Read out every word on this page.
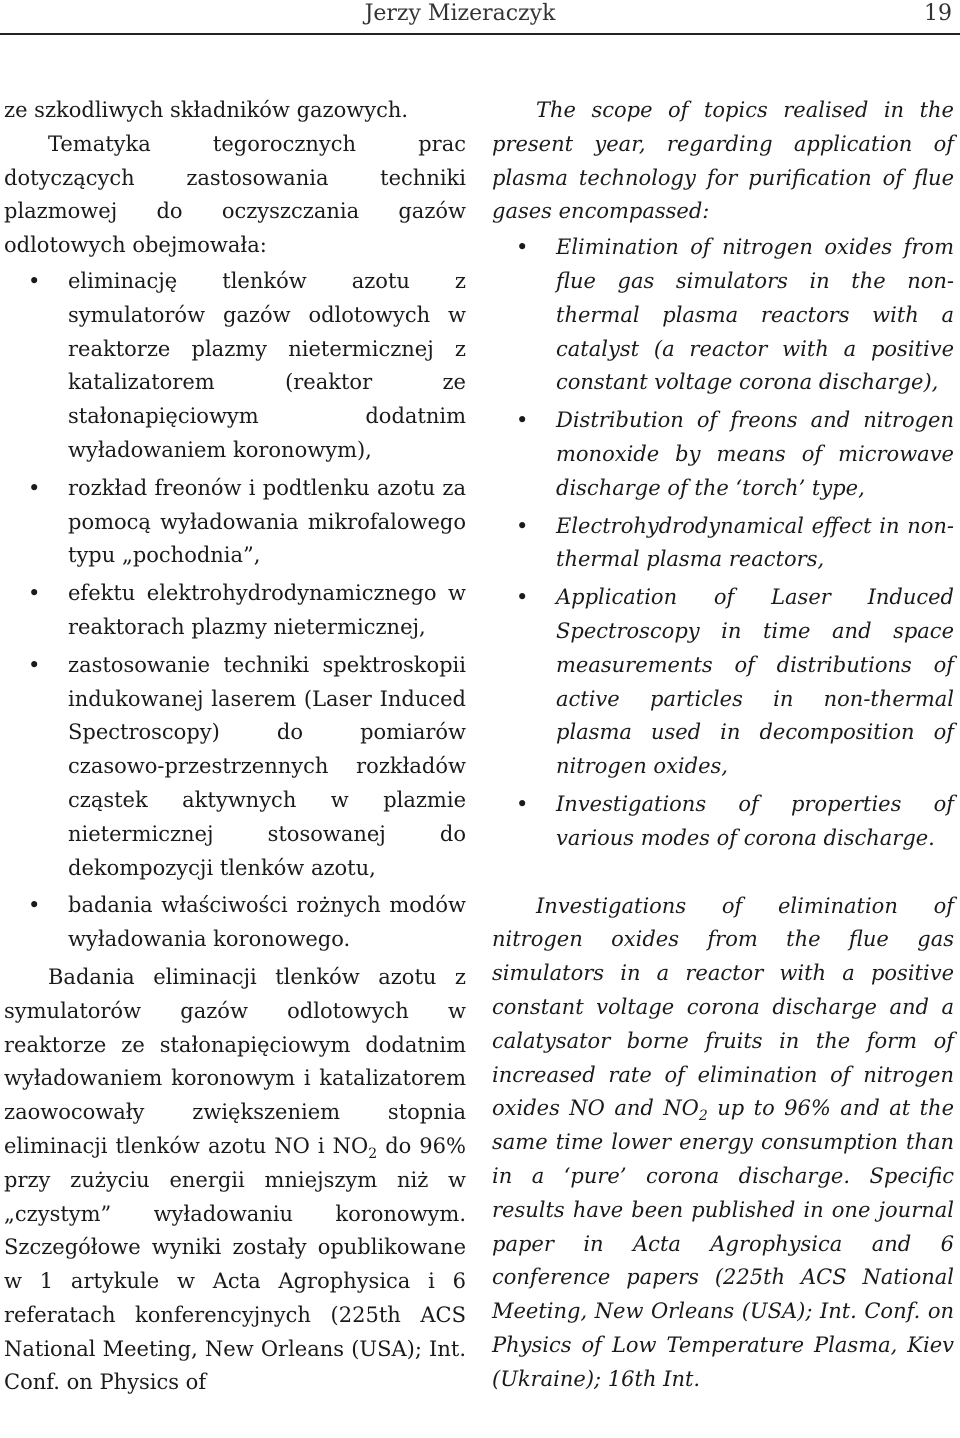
Jerzy Mizeraczyk	19

ze szkodliwych składników gazowych.

Tematyka tegorocznych prac dotyczących zastosowania techniki plazmowej do oczyszczania gazów odlotowych obejmowała:

• eliminację tlenków azotu z symulatorów gazów odlotowych w reaktorze plazmy nietermicznej z katalizatorem (reaktor ze stałonapięciowym dodatnim wyładowaniem koronowym),
• rozkład freonów i podtlenku azotu za pomocą wyładowania mikrofalowego typu „pochodnia”,
• efektu elektrohydrodynamicznego w reaktorach plazmy nietermicznej,
• zastosowanie techniki spektroskopii indukowanej laserem (Laser Induced Spectroscopy) do pomiarów czasowo-przestrzennych rozkładów cząstek aktywnych w plazmie nietermicznej stosowanej do dekompozycji tlenków azotu,
• badania właściwości rożnych modów wyładowania koronowego.

Badania eliminacji tlenków azotu z symulatorów gazów odlotowych w reaktorze ze stałonapięciowym dodatnim wyładowaniem koronowym i katalizatorem zaowocowały zwiększeniem stopnia eliminacji tlenków azotu NO i $NO_2$ do 96% przy zużyciu energii mniejszym niż w „czystym” wyładowaniu koronowym. Szczegółowe wyniki zostały opublikowane w 1 artykule w Acta Agrophysica i 6 referatach konferencyjnych (225th ACS National Meeting, New Orleans (USA); Int. Conf. on Physics of

The scope of topics realised in the present year, regarding application of plasma technology for purification of flue gases encompassed:

• Elimination of nitrogen oxides from flue gas simulators in the non-thermal plasma reactors with a catalyst (a reactor with a positive constant voltage corona discharge),
• Distribution of freons and nitrogen monoxide by means of microwave discharge of the ‘torch’ type,
• Electrohydrodynamical effect in non-thermal plasma reactors,
• Application of Laser Induced Spectroscopy in time and space measurements of distributions of active particles in non-thermal plasma used in decomposition of nitrogen oxides,
• Investigations of properties of various modes of corona discharge.

Investigations of elimination of nitrogen oxides from the flue gas simulators in a reactor with a positive constant voltage corona discharge and a calatysator borne fruits in the form of increased rate of elimination of nitrogen oxides NO and $NO_2$ up to 96% and at the same time lower energy consumption than in a ‘pure’ corona discharge. Specific results have been published in one journal paper in Acta Agrophysica and 6 conference papers (225th ACS National Meeting, New Orleans (USA); Int. Conf. on Physics of Low Temperature Plasma, Kiev (Ukraine); 16th Int.
